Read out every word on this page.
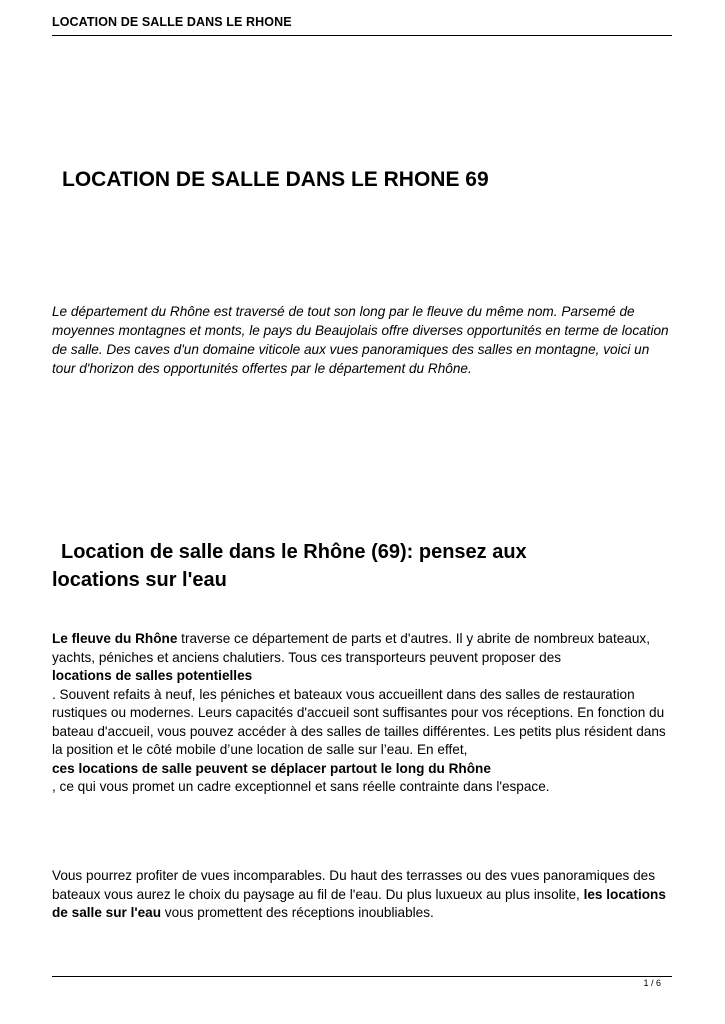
LOCATION DE SALLE DANS LE RHONE
LOCATION DE SALLE DANS LE RHONE 69

Le département du Rhône est traversé de tout son long par le fleuve du même nom. Parsemé de moyennes montagnes et monts, le pays du Beaujolais offre diverses opportunités en terme de location de salle. Des caves d'un domaine viticole aux vues panoramiques des salles en montagne, voici un tour d'horizon des opportunités offertes par le département du Rhône.

Location de salle dans le Rhône (69): pensez aux
locations sur l'eau
Le fleuve du Rhône traverse ce département de parts et d'autres. Il y abrite de nombreux bateaux, yachts, péniches et anciens chalutiers. Tous ces transporteurs peuvent proposer des
locations de salles potentielles
. Souvent refaits à neuf, les péniches et bateaux vous accueillent dans des salles de restauration rustiques ou modernes. Leurs capacités d'accueil sont suffisantes pour vos réceptions. En fonction du bateau d'accueil, vous pouvez accéder à des salles de tailles différentes. Les petits plus résident dans la position et le côté mobile d’une location de salle sur l’eau. En effet,
ces locations de salle peuvent se déplacer partout le long du Rhône
, ce qui vous promet un cadre exceptionnel et sans réelle contrainte dans l'espace.
Vous pourrez profiter de vues incomparables. Du haut des terrasses ou des vues panoramiques des bateaux vous aurez le choix du paysage au fil de l'eau. Du plus luxueux au plus insolite, les locations de salle sur l'eau vous promettent des réceptions inoubliables.
1 / 6
